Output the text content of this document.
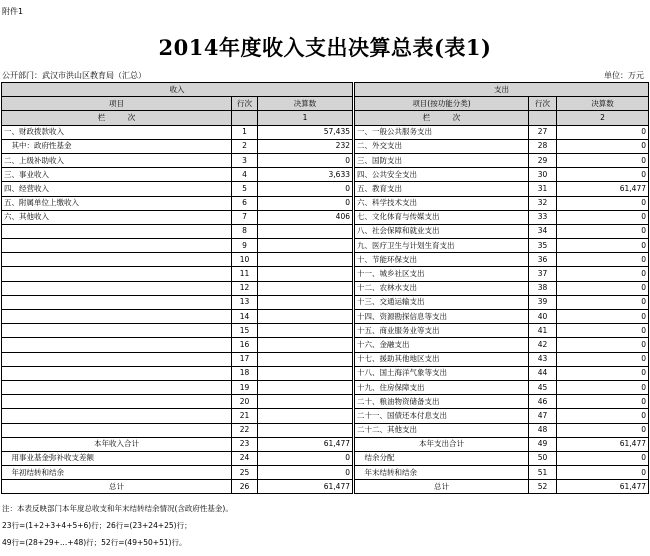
附件1
2014年度收入支出决算总表(表1)
公开部门：武汉市洪山区教育局（汇总）	单位：万元
收入			支出		
项目	行次	决算数	项目(按功能分类)	行次	决算数
栏　　　次		1	栏　　　次		2
一、财政拨款收入	1	57,435	一、一般公共服务支出	27	0
　其中：政府性基金	2	232	二、外交支出	28	0
二、上级补助收入	3	0	三、国防支出	29	0
三、事业收入	4	3,633	四、公共安全支出	30	0
四、经营收入	5	0	五、教育支出	31	61,477
五、附属单位上缴收入	6	0	六、科学技术支出	32	0
六、其他收入	7	406	七、文化体育与传媒支出	33	0
	8		八、社会保障和就业支出	34	0
	9		九、医疗卫生与计划生育支出	35	0
	10		十、节能环保支出	36	0
	11		十一、城乡社区支出	37	0
	12		十二、农林水支出	38	0
	13		十三、交通运输支出	39	0
	14		十四、资源勘探信息等支出	40	0
	15		十五、商业服务业等支出	41	0
	16		十六、金融支出	42	0
	17		十七、援助其他地区支出	43	0
	18		十八、国土海洋气象等支出	44	0
	19		十九、住房保障支出	45	0
	20		二十、粮油物资储备支出	46	0
	21		二十一、国债还本付息支出	47	0
	22		二十二、其他支出	48	0
本年收入合计	23	61,477	本年支出合计	49	61,477
　用事业基金弥补收支差额	24	0	　结余分配	50	0
　年初结转和结余	25	0	　年末结转和结余	51	0
总计	26	61,477	总计	52	61,477
注：本表反映部门本年度总收支和年末结转结余情况(含政府性基金)。
23行=(1+2+3+4+5+6)行；26行=(23+24+25)行；
49行=(28+29+…+48)行；52行=(49+50+51)行。
